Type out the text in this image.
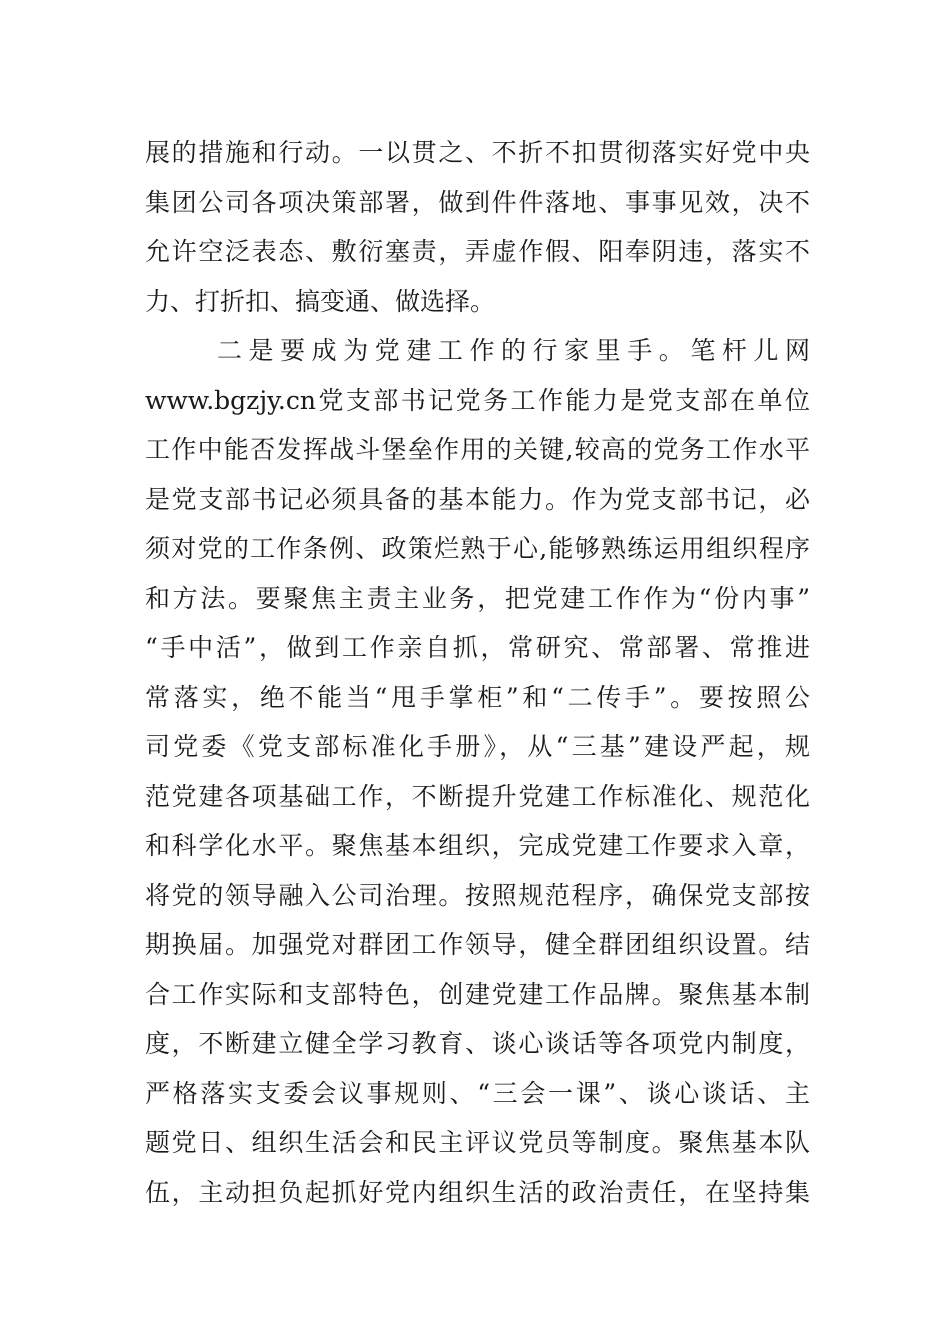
展的措施和行动。一以贯之、不折不扣贯彻落实好党中央
集团公司各项决策部署，做到件件落地、事事见效，决不
允许空泛表态、敷衍塞责，弄虚作假、阳奉阴违，落实不
力、打折扣、搞变通、做选择。
二是要成为党建工作的行家里手。笔杆儿网
www.bgzjy.cn党支部书记党务工作能力是党支部在单位
工作中能否发挥战斗堡垒作用的关键,较高的党务工作水平
是党支部书记必须具备的基本能力。作为党支部书记，必
须对党的工作条例、政策烂熟于心,能够熟练运用组织程序
和方法。要聚焦主责主业务，把党建工作作为“份内事”
“手中活”，做到工作亲自抓，常研究、常部署、常推进
常落实，绝不能当“甩手掌柜”和“二传手”。要按照公
司党委《党支部标准化手册》，从“三基”建设严起，规
范党建各项基础工作，不断提升党建工作标准化、规范化
和科学化水平。聚焦基本组织，完成党建工作要求入章，
将党的领导融入公司治理。按照规范程序，确保党支部按
期换届。加强党对群团工作领导，健全群团组织设置。结
合工作实际和支部特色，创建党建工作品牌。聚焦基本制
度，不断建立健全学习教育、谈心谈话等各项党内制度，
严格落实支委会议事规则、“三会一课”、谈心谈话、主
题党日、组织生活会和民主评议党员等制度。聚焦基本队
伍，主动担负起抓好党内组织生活的政治责任，在坚持集
